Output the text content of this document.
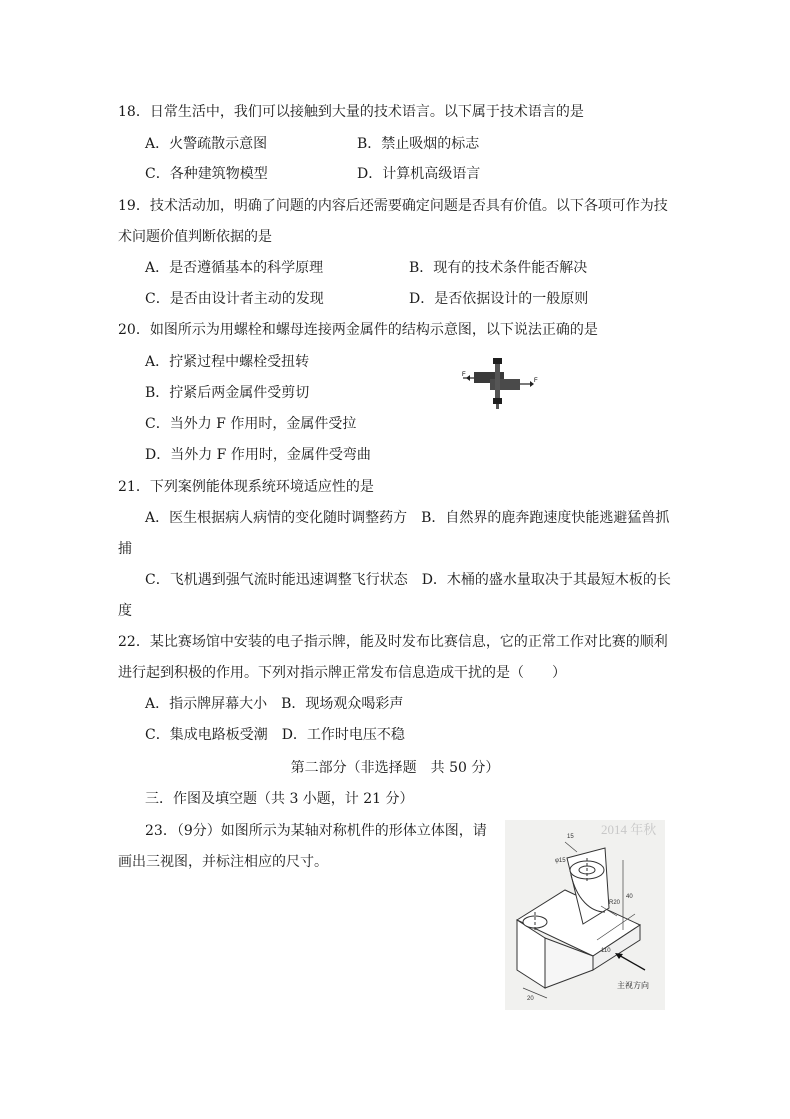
18．日常生活中，我们可以接触到大量的技术语言。以下属于技术语言的是
A．火警疏散示意图	B．禁止吸烟的标志
C．各种建筑物模型	D．计算机高级语言
19．技术活动加，明确了问题的内容后还需要确定问题是否具有价值。以下各项可作为技
术问题价值判断依据的是
A．是否遵循基本的科学原理	B．现有的技术条件能否解决
C．是否由设计者主动的发现	D．是否依据设计的一般原则
20．如图所示为用螺栓和螺母连接两金属件的结构示意图，以下说法正确的是
A．拧紧过程中螺栓受扭转
B．拧紧后两金属件受剪切
C．当外力 F 作用时，金属件受拉
D．当外力 F 作用时，金属件受弯曲
F
F
21．下列案例能体现系统环境适应性的是
A．医生根据病人病情的变化随时调整药方　B．自然界的鹿奔跑速度快能逃避猛兽抓
捕
C．飞机遇到强气流时能迅速调整飞行状态　D．木桶的盛水量取决于其最短木板的长
度
22．某比赛场馆中安装的电子指示牌，能及时发布比赛信息，它的正常工作对比赛的顺利
进行起到积极的作用。下列对指示牌正常发布信息造成干扰的是（　　）
A．指示牌屏幕大小　B．现场观众喝彩声
C．集成电路板受潮　D．工作时电压不稳
第二部分（非选择题　共 50 分）
三．作图及填空题（共 3 小题，计 21 分）
23．（9分）如图所示为某轴对称机件的形体立体图，请
画出三视图，并标注相应的尺寸。
2014 年秋
15
φ15
R20
40
110
20
主视方向
